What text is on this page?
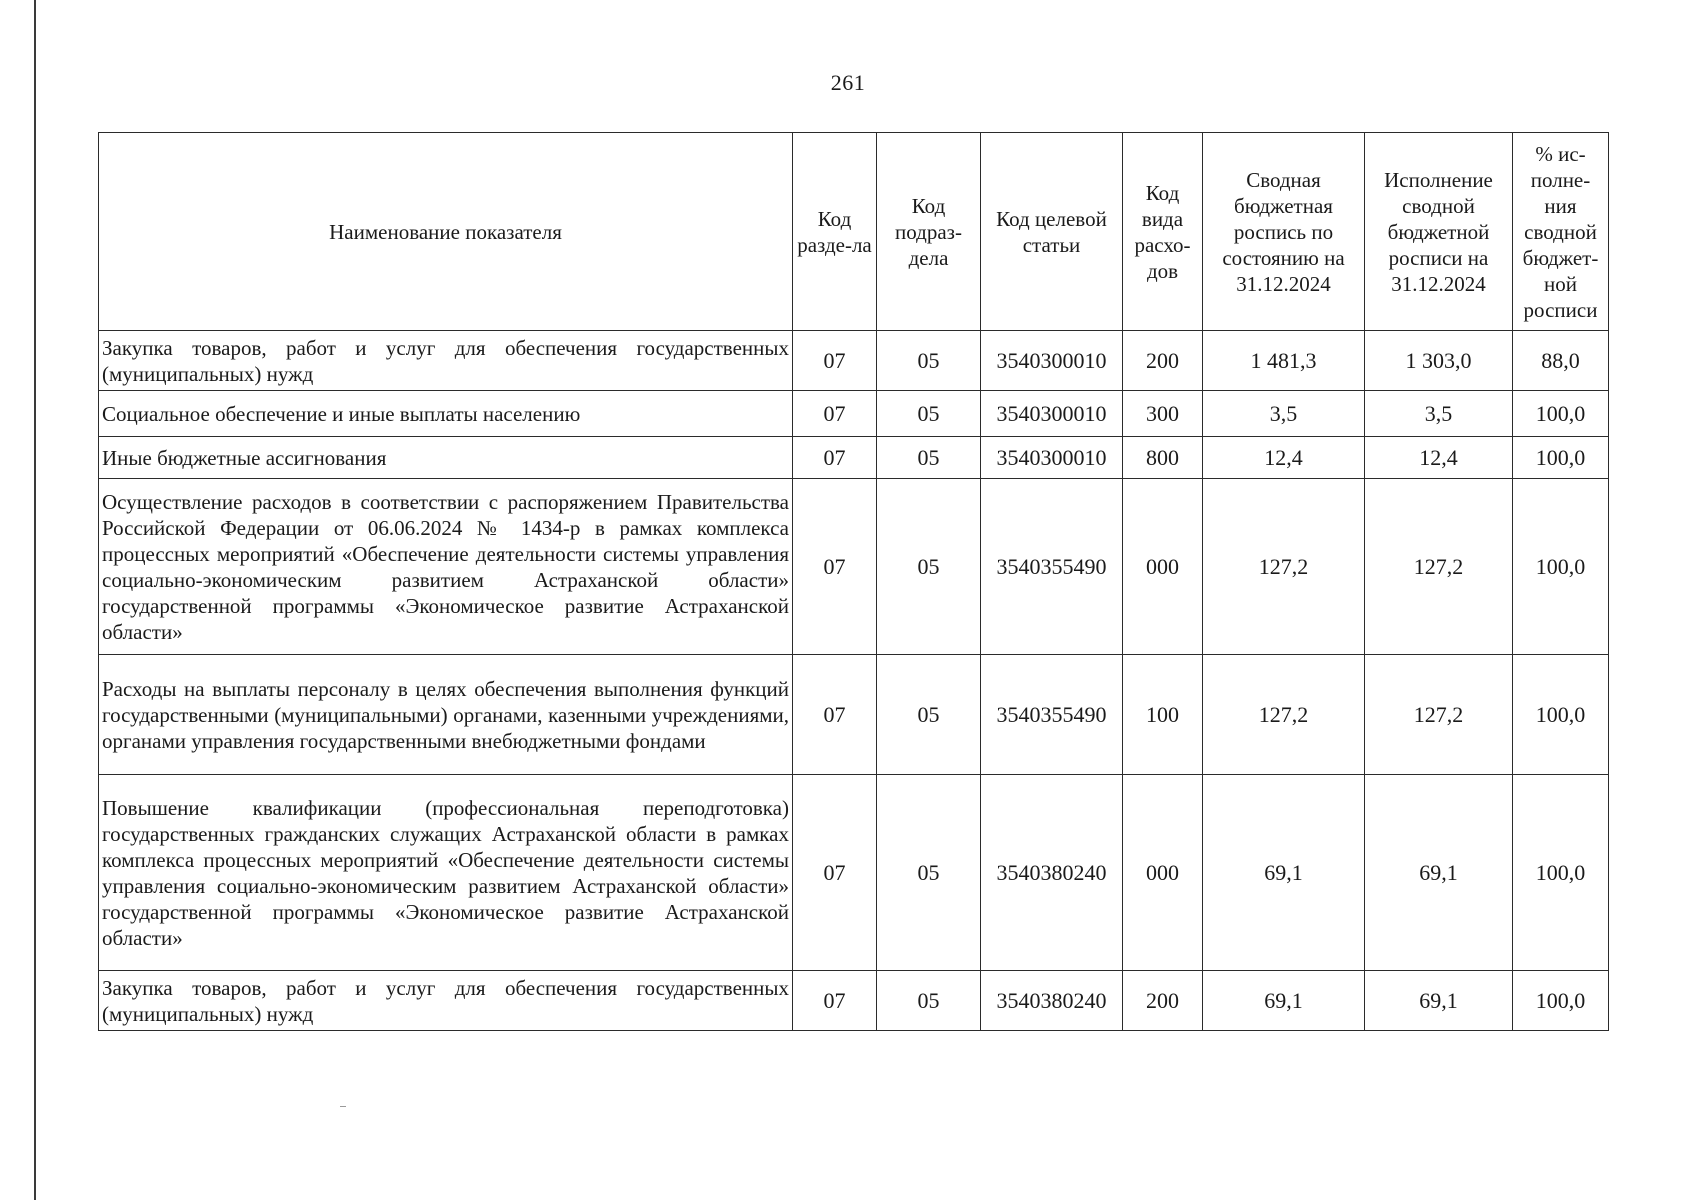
261
Наименование показателя	Код разде-ла	Код подраз-дела	Код целевой статьи	Код вида расхо-дов	Сводная бюджетная роспись по состоянию на 31.12.2024	Исполнение сводной бюджетной росписи на 31.12.2024	% ис-полне-ния сводной бюджет-ной росписи
Закупка товаров, работ и услуг для обеспечения государственных (муниципальных) нужд	07	05	3540300010	200	1 481,3	1 303,0	88,0
Социальное обеспечение и иные выплаты населению	07	05	3540300010	300	3,5	3,5	100,0
Иные бюджетные ассигнования	07	05	3540300010	800	12,4	12,4	100,0
Осуществление расходов в соответствии с распоряжением Правительства Российской Федерации от 06.06.2024 № 1434-р в рамках комплекса процессных мероприятий «Обеспечение деятельности системы управления социально-экономическим развитием Астраханской области» государственной программы «Экономическое развитие Астраханской области»	07	05	3540355490	000	127,2	127,2	100,0
Расходы на выплаты персоналу в целях обеспечения выполнения функций государственными (муниципальными) органами, казенными учреждениями, органами управления государственными внебюджетными фондами	07	05	3540355490	100	127,2	127,2	100,0
Повышение квалификации (профессиональная переподготовка) государственных гражданских служащих Астраханской области в рамках комплекса процессных мероприятий «Обеспечение деятельности системы управления социально-экономическим развитием Астраханской области» государственной программы «Экономическое развитие Астраханской области»	07	05	3540380240	000	69,1	69,1	100,0
Закупка товаров, работ и услуг для обеспечения государственных (муниципальных) нужд	07	05	3540380240	200	69,1	69,1	100,0
